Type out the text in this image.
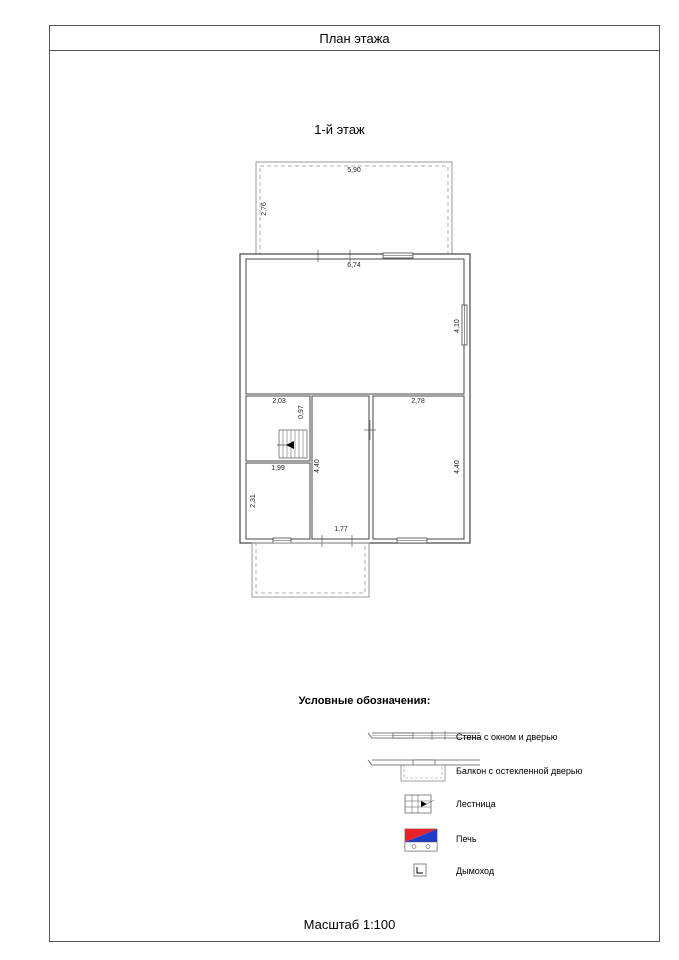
План этажа
1-й этаж
5,90
2,76
6,74
4,10
2,03
0,97
1,99
2,31
4,40
1,77
2,78
4,40
Условные обозначения:
Стена с окном и дверью
Балкон с остекленной дверью
Лестница
Печь
Дымоход
Масштаб 1:100
